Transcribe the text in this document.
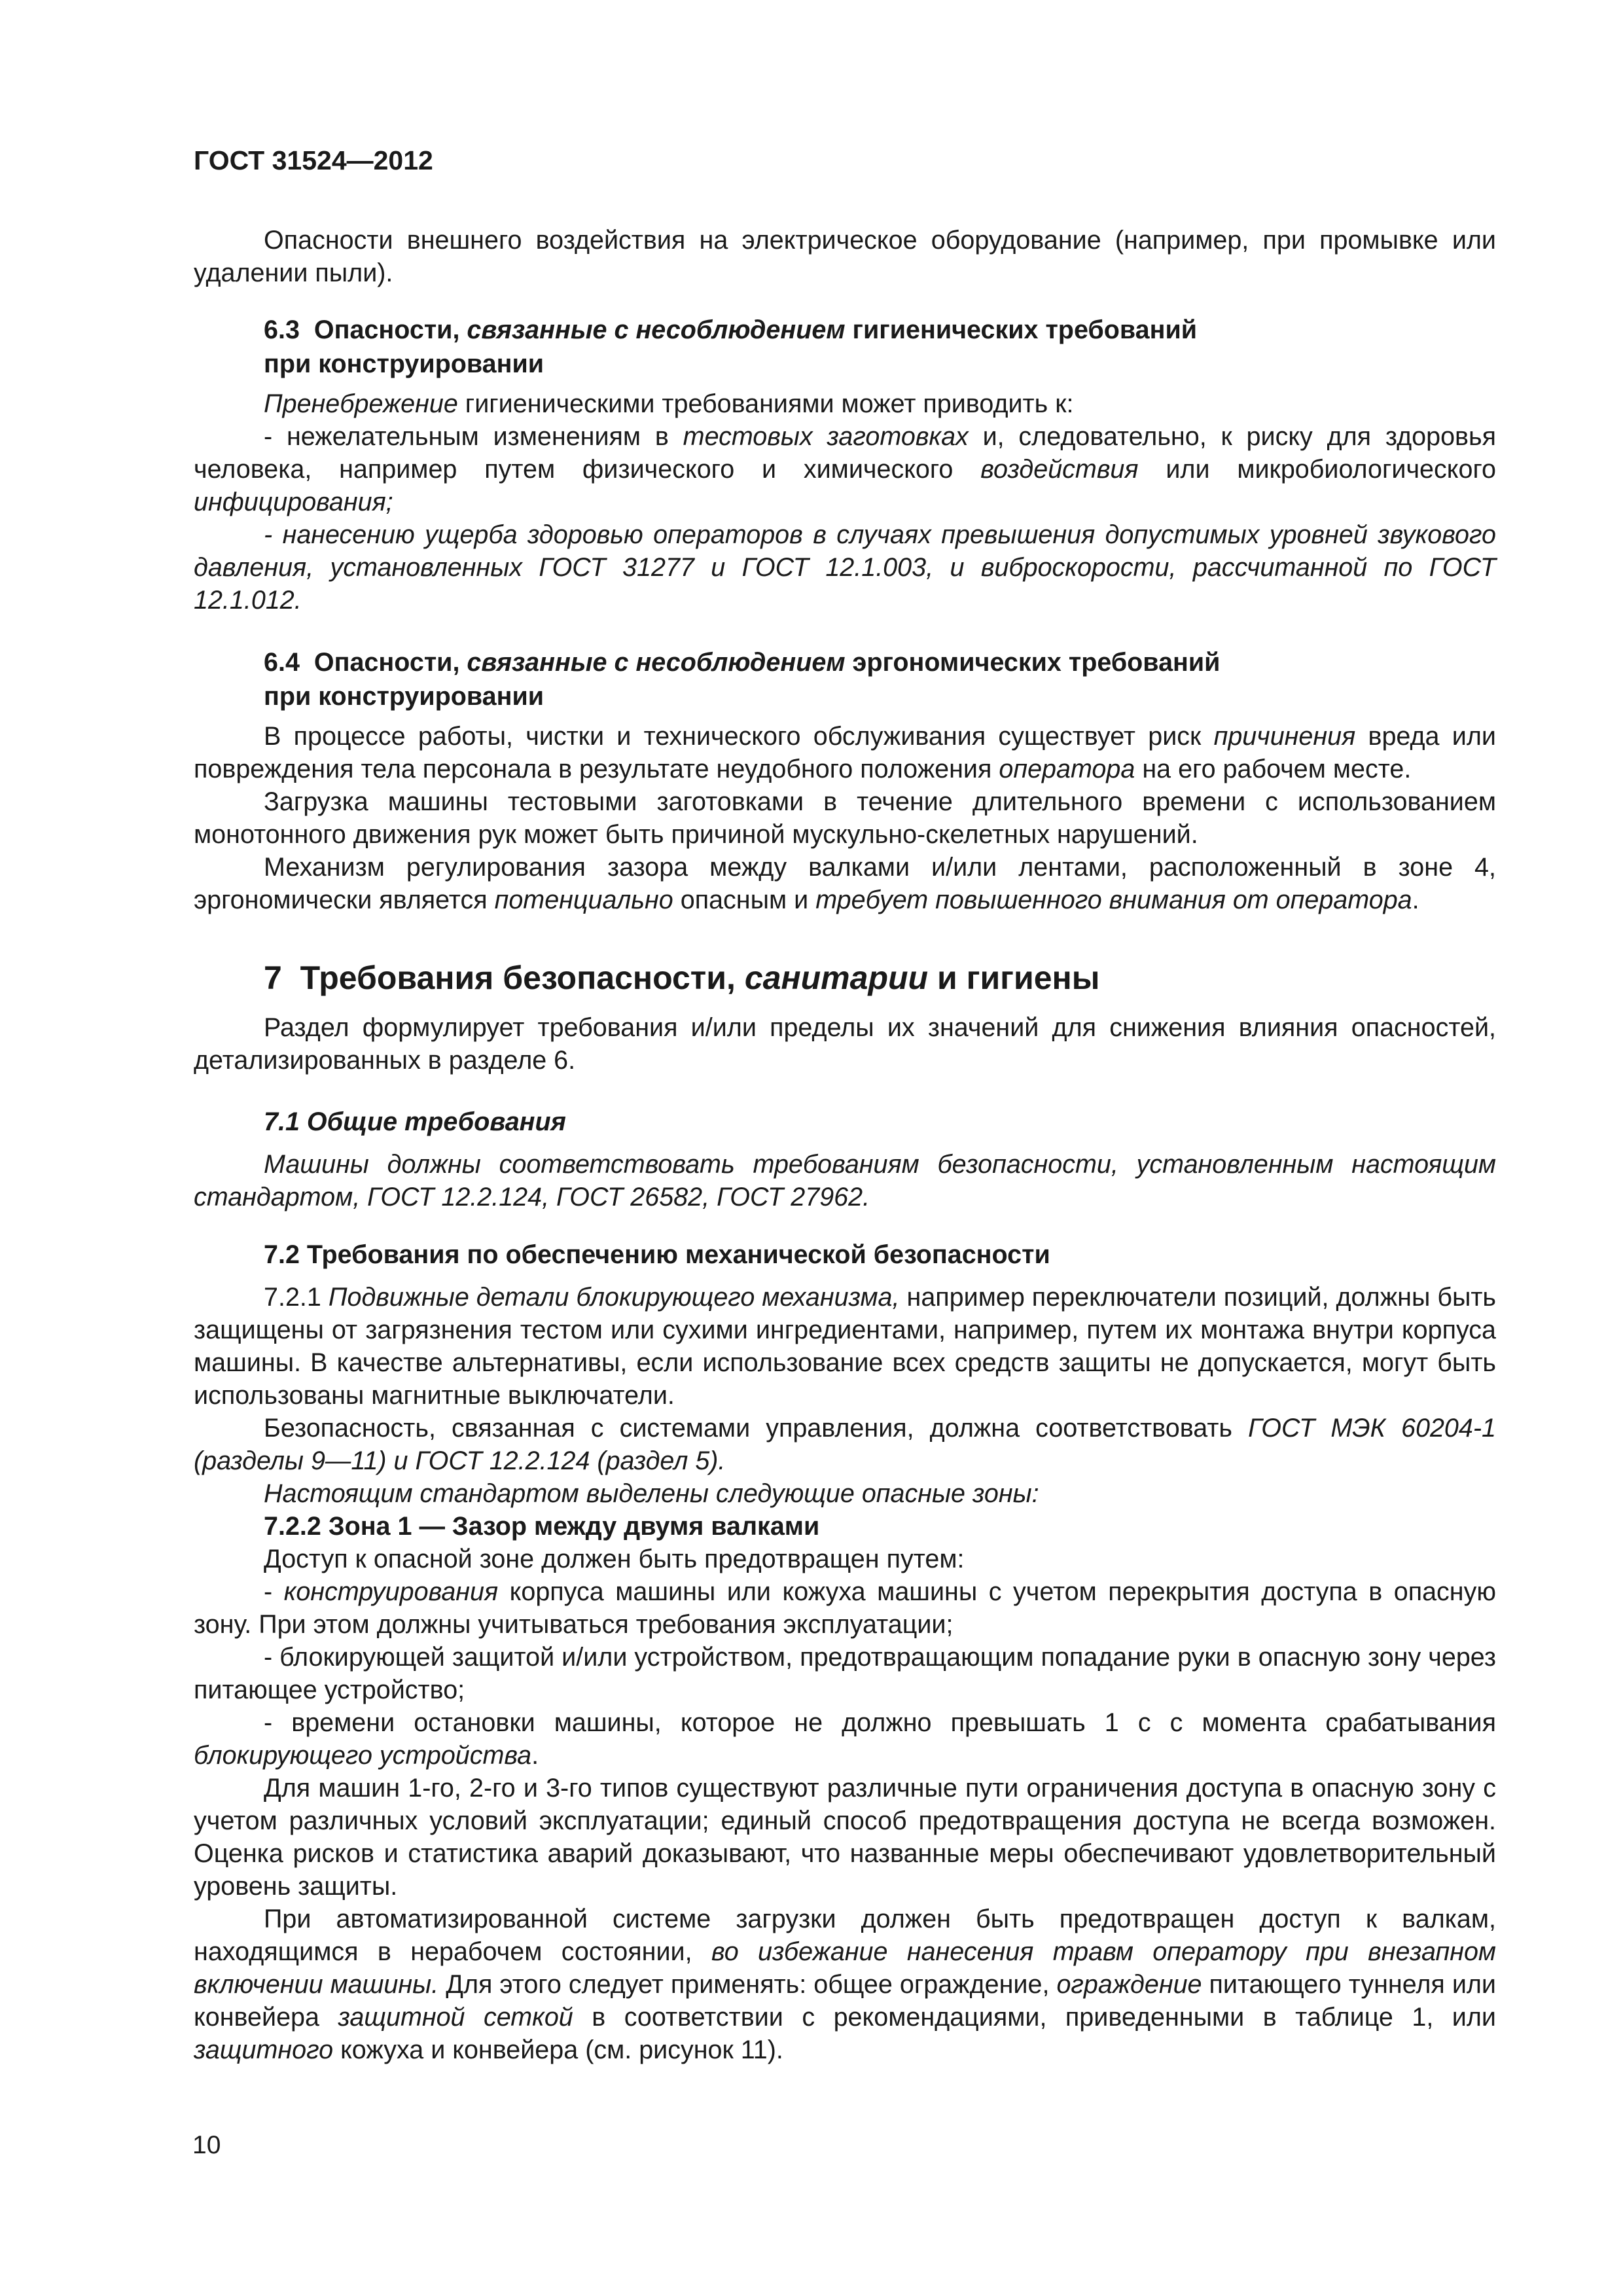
ГОСТ 31524—2012

Опасности внешнего воздействия на электрическое оборудование (например, при промывке или удалении пыли).

6.3 Опасности, связанные с несоблюдением гигиенических требований
при конструировании

Пренебрежение гигиеническими требованиями может приводить к:

- нежелательным изменениям в тестовых заготовках и, следовательно, к риску для здоровья человека, например путем физического и химического воздействия или микробиологического инфицирования;

- нанесению ущерба здоровью операторов в случаях превышения допустимых уровней звукового давления, установленных ГОСТ 31277 и ГОСТ 12.1.003, и виброскорости, рассчитанной по ГОСТ 12.1.012.

6.4 Опасности, связанные с несоблюдением эргономических требований
при конструировании

В процессе работы, чистки и технического обслуживания существует риск причинения вреда или повреждения тела персонала в результате неудобного положения оператора на его рабочем месте.

Загрузка машины тестовыми заготовками в течение длительного времени с использованием монотонного движения рук может быть причиной мускульно-скелетных нарушений.

Механизм регулирования зазора между валками и/или лентами, расположенный в зоне 4, эргономически является потенциально опасным и требует повышенного внимания от оператора.

7 Требования безопасности, санитарии и гигиены

Раздел формулирует требования и/или пределы их значений для снижения влияния опасностей, детализированных в разделе 6.

7.1 Общие требования

Машины должны соответствовать требованиям безопасности, установленным настоящим стандартом, ГОСТ 12.2.124, ГОСТ 26582, ГОСТ 27962.

7.2 Требования по обеспечению механической безопасности

7.2.1 Подвижные детали блокирующего механизма, например переключатели позиций, должны быть защищены от загрязнения тестом или сухими ингредиентами, например, путем их монтажа внутри корпуса машины. В качестве альтернативы, если использование всех средств защиты не допускается, могут быть использованы магнитные выключатели.

Безопасность, связанная с системами управления, должна соответствовать ГОСТ МЭК 60204-1 (разделы 9—11) и ГОСТ 12.2.124 (раздел 5).

Настоящим стандартом выделены следующие опасные зоны:

7.2.2 Зона 1 — Зазор между двумя валками

Доступ к опасной зоне должен быть предотвращен путем:

- конструирования корпуса машины или кожуха машины с учетом перекрытия доступа в опасную зону. При этом должны учитываться требования эксплуатации;

- блокирующей защитой и/или устройством, предотвращающим попадание руки в опасную зону через питающее устройство;

- времени остановки машины, которое не должно превышать 1 с с момента срабатывания блокирующего устройства.

Для машин 1-го, 2-го и 3-го типов существуют различные пути ограничения доступа в опасную зону с учетом различных условий эксплуатации; единый способ предотвращения доступа не всегда возможен. Оценка рисков и статистика аварий доказывают, что названные меры обеспечивают удовлетворительный уровень защиты.

При автоматизированной системе загрузки должен быть предотвращен доступ к валкам, находящимся в нерабочем состоянии, во избежание нанесения травм оператору при внезапном включении машины. Для этого следует применять: общее ограждение, ограждение питающего туннеля или конвейера защитной сеткой в соответствии с рекомендациями, приведенными в таблице 1, или защитного кожуха и конвейера (см. рисунок 11).

10
